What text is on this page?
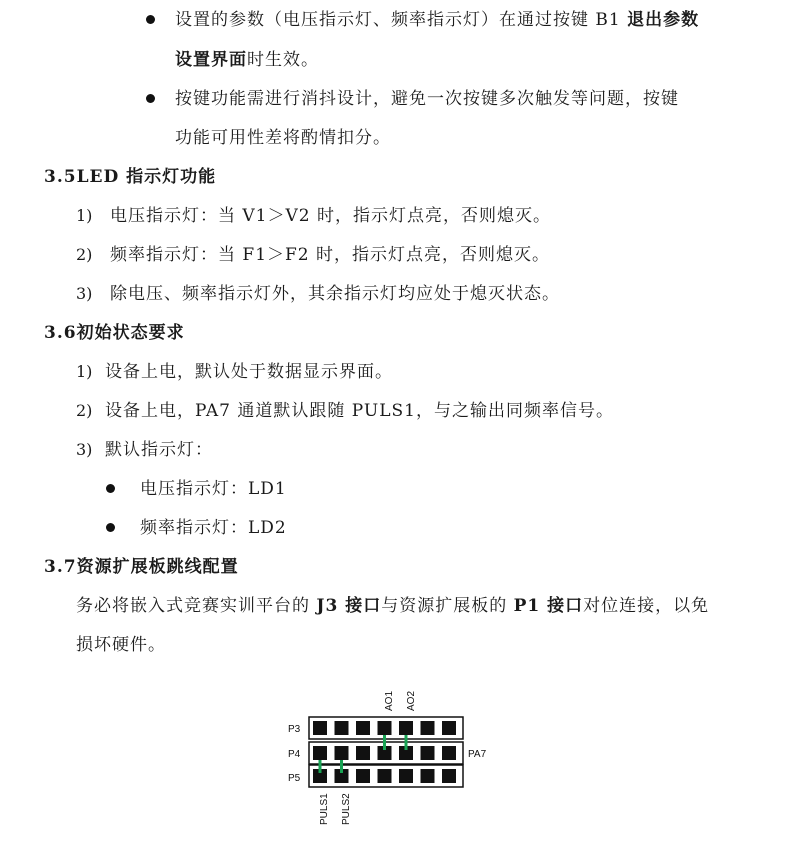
设置的参数（电压指示灯、频率指示灯）在通过按键 B1 退出参数
设置界面时生效。
按键功能需进行消抖设计，避免一次按键多次触发等问题，按键
功能可用性差将酌情扣分。
3.5LED 指示灯功能
1) 电压指示灯：当 V1＞V2 时，指示灯点亮，否则熄灭。
2) 频率指示灯：当 F1＞F2 时，指示灯点亮，否则熄灭。
3) 除电压、频率指示灯外，其余指示灯均应处于熄灭状态。
3.6初始状态要求
1) 设备上电，默认处于数据显示界面。
2) 设备上电，PA7 通道默认跟随 PULS1，与之输出同频率信号。
3) 默认指示灯：
电压指示灯：LD1
频率指示灯：LD2
3.7资源扩展板跳线配置
务必将嵌入式竞赛实训平台的 J3 接口与资源扩展板的 P1 接口对位连接，以免
损坏硬件。
P3
P4
P5
PA7
AO1 AO2
PULS1 PULS2
